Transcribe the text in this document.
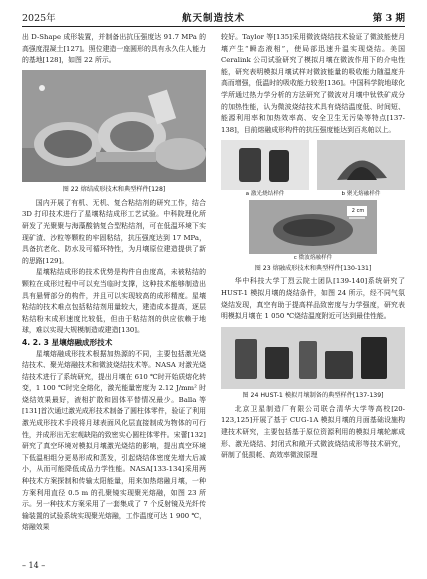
2025年	航天制造技术	第 3 期

出 D-Shape 成形装置，并制备出抗压强度达 91.7 MPa 的高强度混凝土[127]。照位建造一座圆形的具有永久住人能力的基地[128]，如图 22 所示。

图 22 熔结成形技术和典型样件[128]

国内开展了有机、无机、复合粘结剂的研究工作，结合 3D 打印技术进行了星壤粘结成形工艺试验。中科院理化所研发了光聚聚与海藻酸钠复合型粘结剂，可在低温环境下实现矿渣、沙粒等颗粒的牢固粘结，抗压强度达到 17 MPa，具备抗老化、防水及可循环特性，为月壤原位建造提供了新的思路[129]。

星壤粘结成形的技术优势是构件自由度高，未被粘结的颗粒在成形过程中可以充当临时支撑，这种技术能够制造出具有悬臂部分的构件，并且可以实现较高的成形精度。星壤粘结的技术难点包括粘结剂用量较大，建造成本提高，逐层粘结粉末成形速度比较低，但由于粘结剂的供应依赖于地球，难以实现大规模制造或建造[130]。

4. 2. 3 星壤熔融成形技术

星壤熔融成形技术根据加热源的不同，主要包括激光烧结技术、聚光熔融技术和微波烧结技术等。NASA 对激光烧结技术进行了系统研究，提出月壤在 610 ℃时开始质熔化转变，1 100 ℃时完全熔化，激光能量密度为 2.12 J/mm² 时烧结效果最好，液相扩散和固体平替情况最少。Balla 等[131]首次通过激光成形技术制备了圆柱体零件，验证了利用激光成形技术手段将月球表面风化层直接制成为物体的可行性，并成形出无宏观缺陷的致密实心圆柱体零件。宋蕾[132]研究了真空环境对模拟月壤激光烧结的影响，提出真空环境下低温相组分更易形成和蒸发，引起烧结体密度先增大后减小，从而可能降低成品力学性能。NASA[133-134]采用两种技术方案探制和传输太阳能量，用来加热熔融月壤，一种方案利用直径 0.5 m 的孔聚镜实现聚光熔融，如图 23 所示。另一种技术方案采用了一套集成了 7 个反射镜及光纤传输装置的试验系统实现聚光熔融，工作温度可达 1 900 ℃，熔融效果

较好。Taylor 等[135]采用微波烧结技术验证了微波能使月壤产生“瞬态液相”，使局部迅速升温实现烧结。美国 Ceralink 公司试验研究了模拟月壤在微波作用下的介电性能，研究表明模拟月壤试样对微波能量的吸收能力随温度升高而增强，低温时的吸收能力较差[136]。中国科学院地球化学所通过热力学分析的方法研究了微波对月壤中钛铁矿成分的加热性能，认为微波烧结技术具有烧结温度低、时间短、能源利用率和加热效率高、安全卫生无污染等特点[137-138]，目前熔融成形构件的抗压强度能达到百兆帕以上。

a 激光烧结样件	b 聚光熔融样件
2 cm
c 微波熔融样件
图 23 熔融成形技术和典型样件[130-131]

华中科技大学丁烈云院士团队[139-140]系统研究了 HUST-1 模拟月壤的烧结条件，如图 24 所示，经不同气氛烧结发现，真空有助于提高样品致密度与力学强度，研究表明模拟月壤在 1 050 ℃烧结温度附近可达到最佳性能。

图 24 HUST-1 模拟月壤制备的典型样件[137-139]

北京卫星制造厂有限公司联合清华大学等高校[20-123,125]开展了基于 CUG-1A 模拟月壤的月面基础设施构建技术研究，主要包括基于原位资源利用的模拟月壤轮廓成形、激光烧结、封闭式和敞开式微波烧结成形等技术研究，研制了低损耗、高效率微波原理

– 14 –
